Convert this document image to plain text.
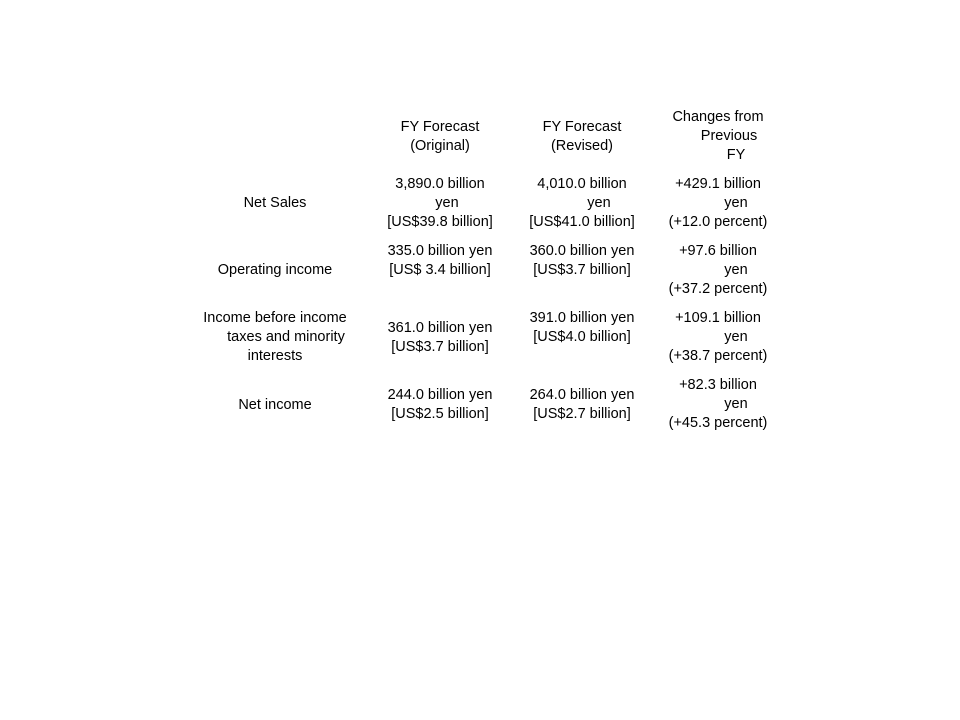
FY Forecast
(Original)
FY Forecast
(Revised)
Changes from
Previous
FY
Net Sales
3,890.0 billion
yen
[US$39.8 billion]
4,010.0 billion
yen
[US$41.0 billion]
+429.1 billion
yen
(+12.0 percent)
Operating income
335.0 billion yen
[US$ 3.4 billion]
360.0 billion yen
[US$3.7 billion]
+97.6 billion
yen
(+37.2 percent)
Income before income
taxes and minority
interests
361.0 billion yen
[US$3.7 billion]
391.0 billion yen
[US$4.0 billion]
+109.1 billion
yen
(+38.7 percent)
Net income
244.0 billion yen
[US$2.5 billion]
264.0 billion yen
[US$2.7 billion]
+82.3 billion
yen
(+45.3 percent)
